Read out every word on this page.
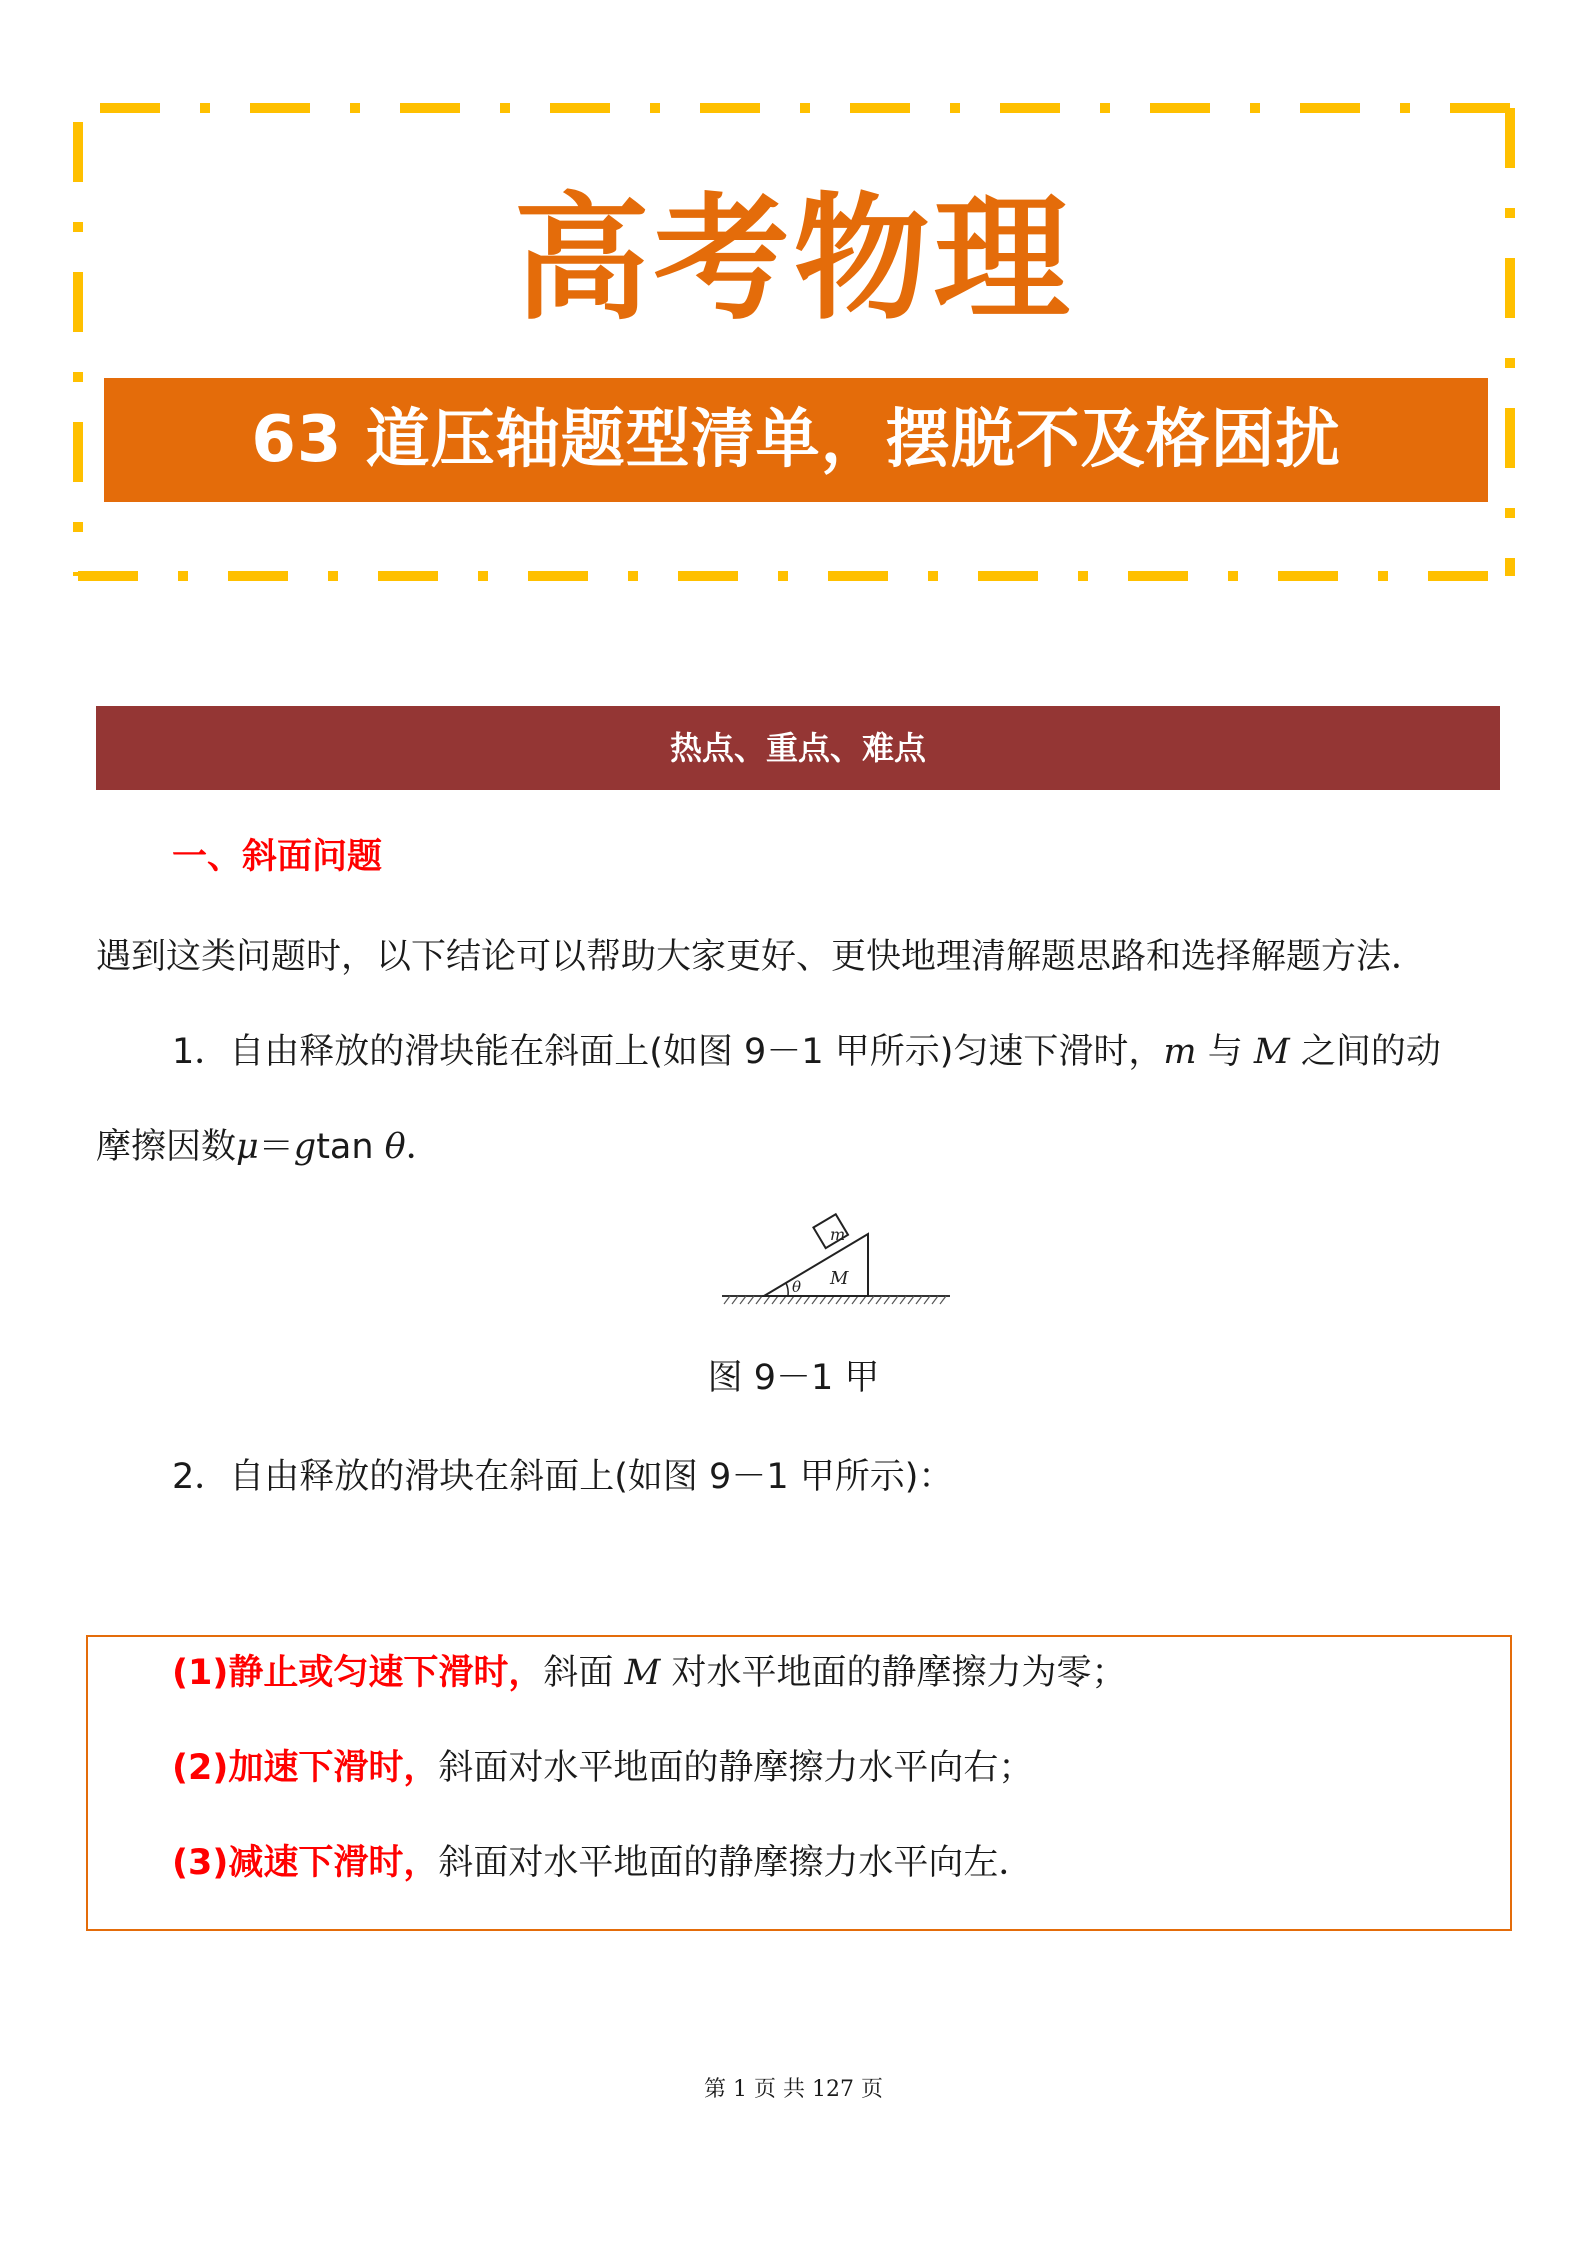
高考物理
63 道压轴题型清单，摆脱不及格困扰
热点、重点、难点
一、斜面问题
遇到这类问题时，以下结论可以帮助大家更好、更快地理清解题思路和选择解题方法．
1．自由释放的滑块能在斜面上(如图 9－1 甲所示)匀速下滑时，m 与 M 之间的动
摩擦因数μ＝gtan θ．
m
M
θ
图 9－1 甲
2．自由释放的滑块在斜面上(如图 9－1 甲所示)：
(1)静止或匀速下滑时，斜面 M 对水平地面的静摩擦力为零；
(2)加速下滑时，斜面对水平地面的静摩擦力水平向右；
(3)减速下滑时，斜面对水平地面的静摩擦力水平向左．
第 1 页 共 127 页
